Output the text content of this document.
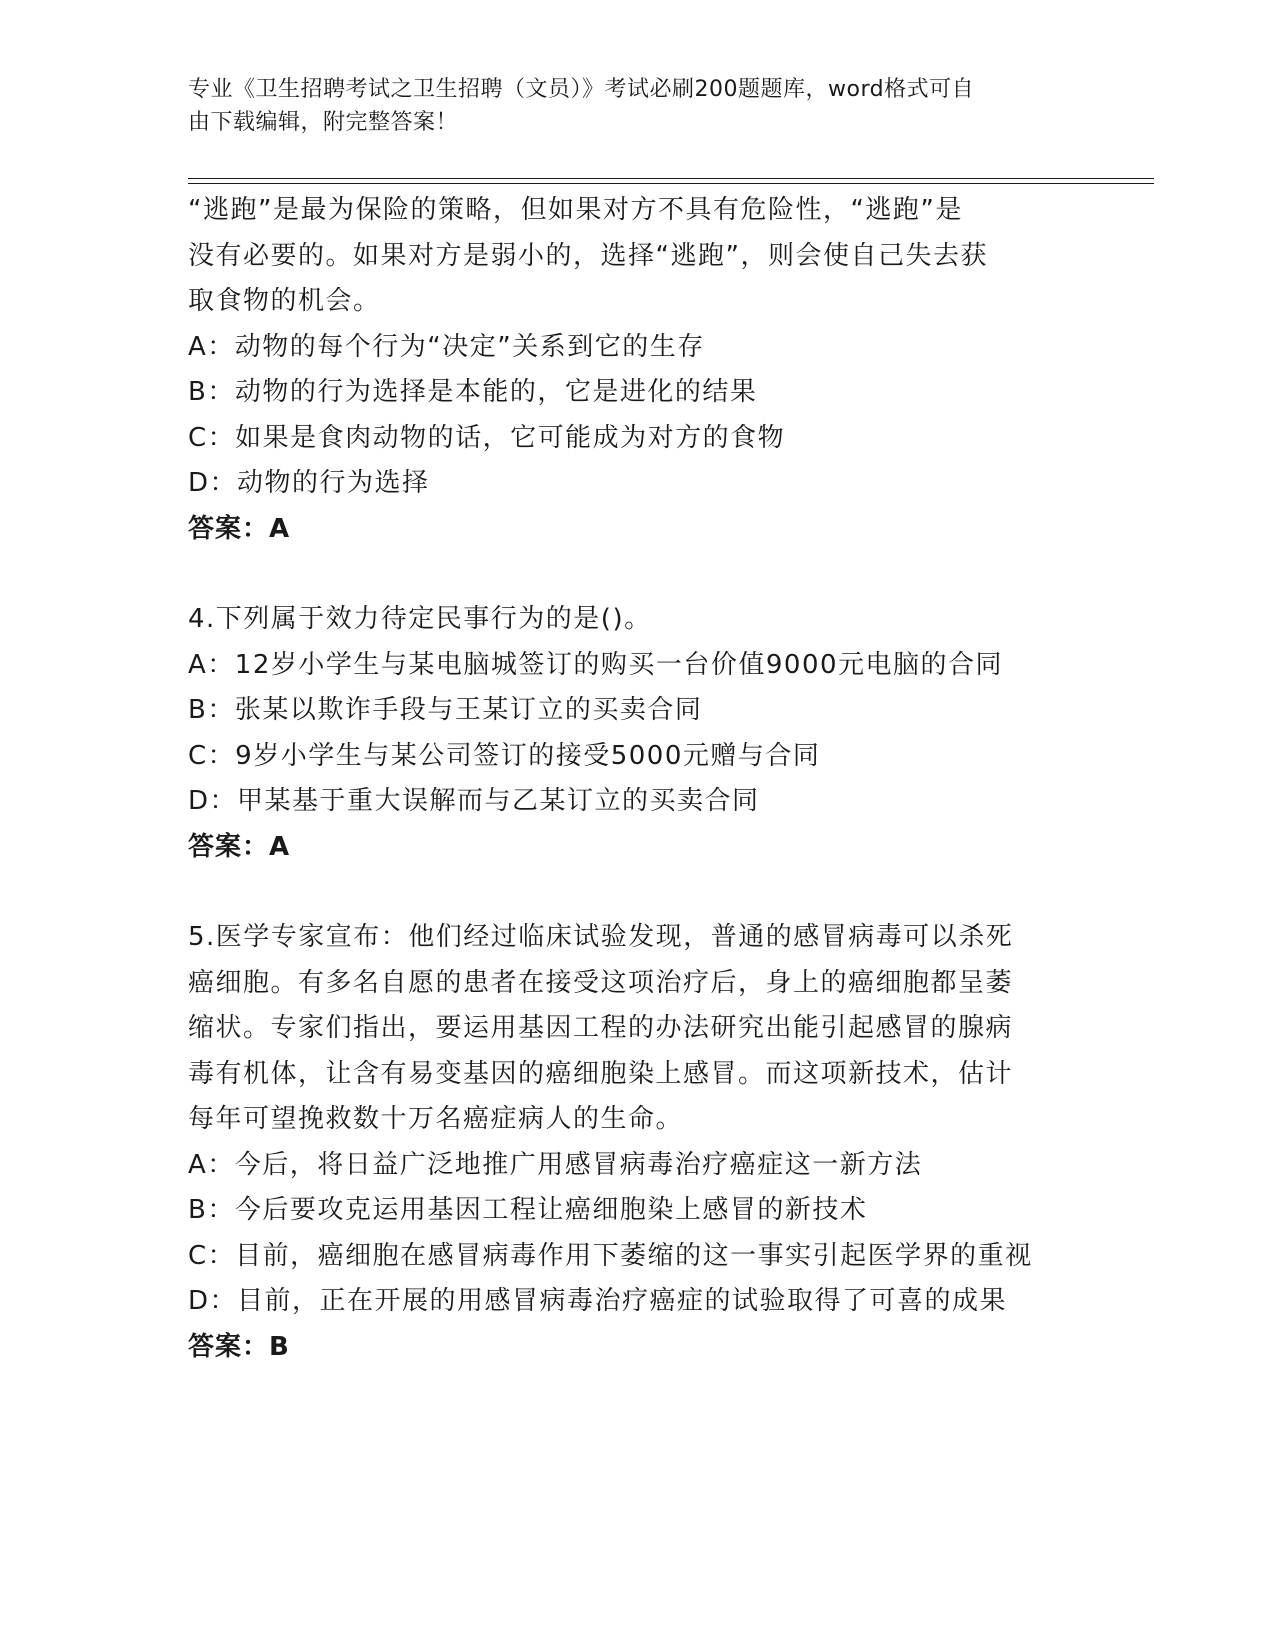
专业《卫生招聘考试之卫生招聘（文员）》考试必刷200题题库，word格式可自
由下载编辑，附完整答案！

“逃跑”是最为保险的策略，但如果对方不具有危险性，“逃跑”是

没有必要的。如果对方是弱小的，选择“逃跑”，则会使自己失去获

取食物的机会。

A：动物的每个行为“决定”关系到它的生存

B：动物的行为选择是本能的，它是进化的结果

C：如果是食肉动物的话，它可能成为对方的食物

D：动物的行为选择

答案：A

4.下列属于效力待定民事行为的是()。

A：12岁小学生与某电脑城签订的购买一台价值9000元电脑的合同

B：张某以欺诈手段与王某订立的买卖合同

C：9岁小学生与某公司签订的接受5000元赠与合同

D：甲某基于重大误解而与乙某订立的买卖合同

答案：A

5.医学专家宣布：他们经过临床试验发现，普通的感冒病毒可以杀死

癌细胞。有多名自愿的患者在接受这项治疗后，身上的癌细胞都呈萎

缩状。专家们指出，要运用基因工程的办法研究出能引起感冒的腺病

毒有机体，让含有易变基因的癌细胞染上感冒。而这项新技术，估计

每年可望挽救数十万名癌症病人的生命。

A：今后，将日益广泛地推广用感冒病毒治疗癌症这一新方法

B：今后要攻克运用基因工程让癌细胞染上感冒的新技术

C：目前，癌细胞在感冒病毒作用下萎缩的这一事实引起医学界的重视

D：目前，正在开展的用感冒病毒治疗癌症的试验取得了可喜的成果

答案：B
